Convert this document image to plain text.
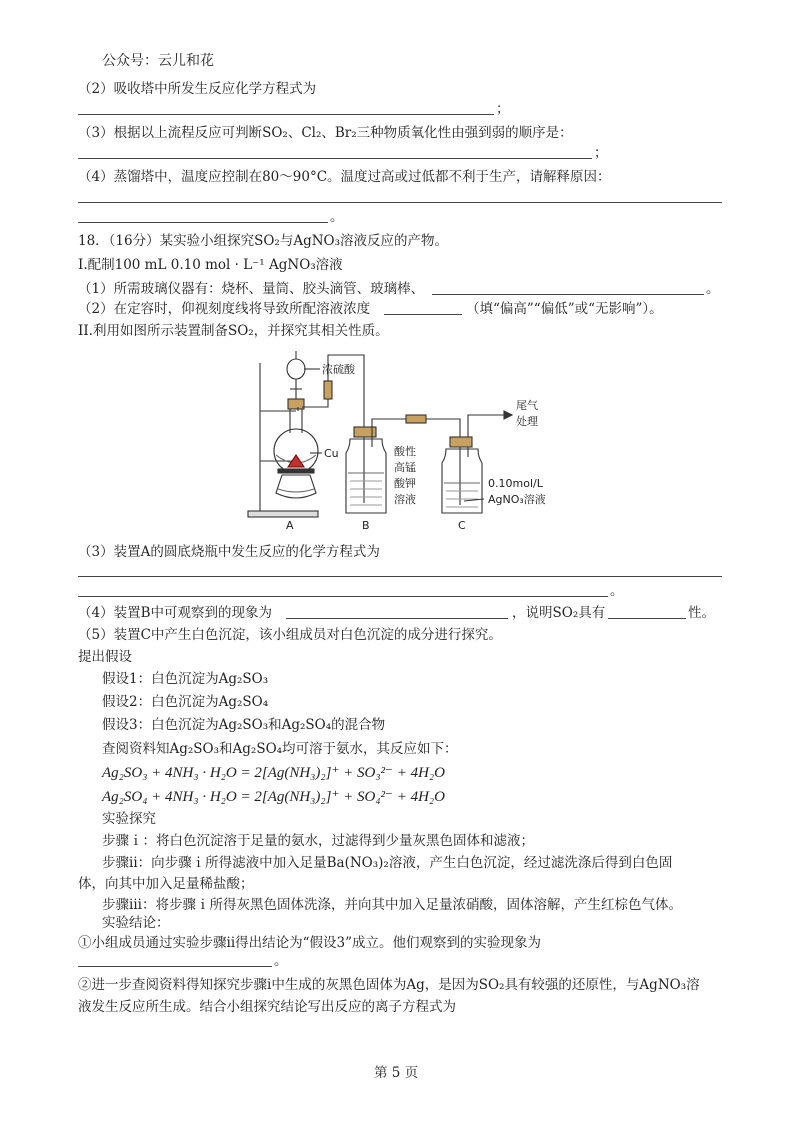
公众号：云儿和花
（2）吸收塔中所发生反应化学方程式为
；
（3）根据以上流程反应可判断SO₂、Cl₂、Br₂三种物质氧化性由强到弱的顺序是：
；
（4）蒸馏塔中，温度应控制在80～90°C。温度过高或过低都不利于生产，请解释原因：
。
18．（16分）某实验小组探究SO₂与AgNO₃溶液反应的产物。
I.配制100 mL 0.10 mol · L⁻¹ AgNO₃溶液
（1）所需玻璃仪器有：烧杯、量筒、胶头滴管、玻璃棒、	。
（2）在定容时，仰视刻度线将导致所配溶液浓度	（填“偏高”“偏低”或“无影响”）。
II.利用如图所示装置制备SO₂，并探究其相关性质。
浓硫酸
Cu
尾气
处理
酸性
高锰
酸钾
溶液
0.10mol/L
AgNO₃溶液
A	B	C
（3）装置A的圆底烧瓶中发生反应的化学方程式为
。
（4）装置B中可观察到的现象为	，说明SO₂具有	性。
（5）装置C中产生白色沉淀，该小组成员对白色沉淀的成分进行探究。
提出假设
假设1：白色沉淀为Ag₂SO₃
假设2：白色沉淀为Ag₂SO₄
假设3：白色沉淀为Ag₂SO₃和Ag₂SO₄的混合物
查阅资料知Ag₂SO₃和Ag₂SO₄均可溶于氨水，其反应如下：
Ag₂SO₃ + 4NH₃ · H₂O = 2[Ag(NH₃)₂]⁺ + SO₃²⁻ + 4H₂O
Ag₂SO₄ + 4NH₃ · H₂O = 2[Ag(NH₃)₂]⁺ + SO₄²⁻ + 4H₂O
实验探究
步骤ｉ：将白色沉淀溶于足量的氨水，过滤得到少量灰黑色固体和滤液；
步骤ⅱ：向步骤ｉ所得滤液中加入足量Ba(NO₃)₂溶液，产生白色沉淀，经过滤洗涤后得到白色固
体，向其中加入足量稀盐酸；
步骤ⅲ：将步骤ｉ所得灰黑色固体洗涤，并向其中加入足量浓硝酸，固体溶解，产生红棕色气体。
实验结论：
①小组成员通过实验步骤ⅱ得出结论为“假设3”成立。他们观察到的实验现象为
。
②进一步查阅资料得知探究步骤i中生成的灰黑色固体为Ag，是因为SO₂具有较强的还原性，与AgNO₃溶
液发生反应所生成。结合小组探究结论写出反应的离子方程式为
第 5 页
